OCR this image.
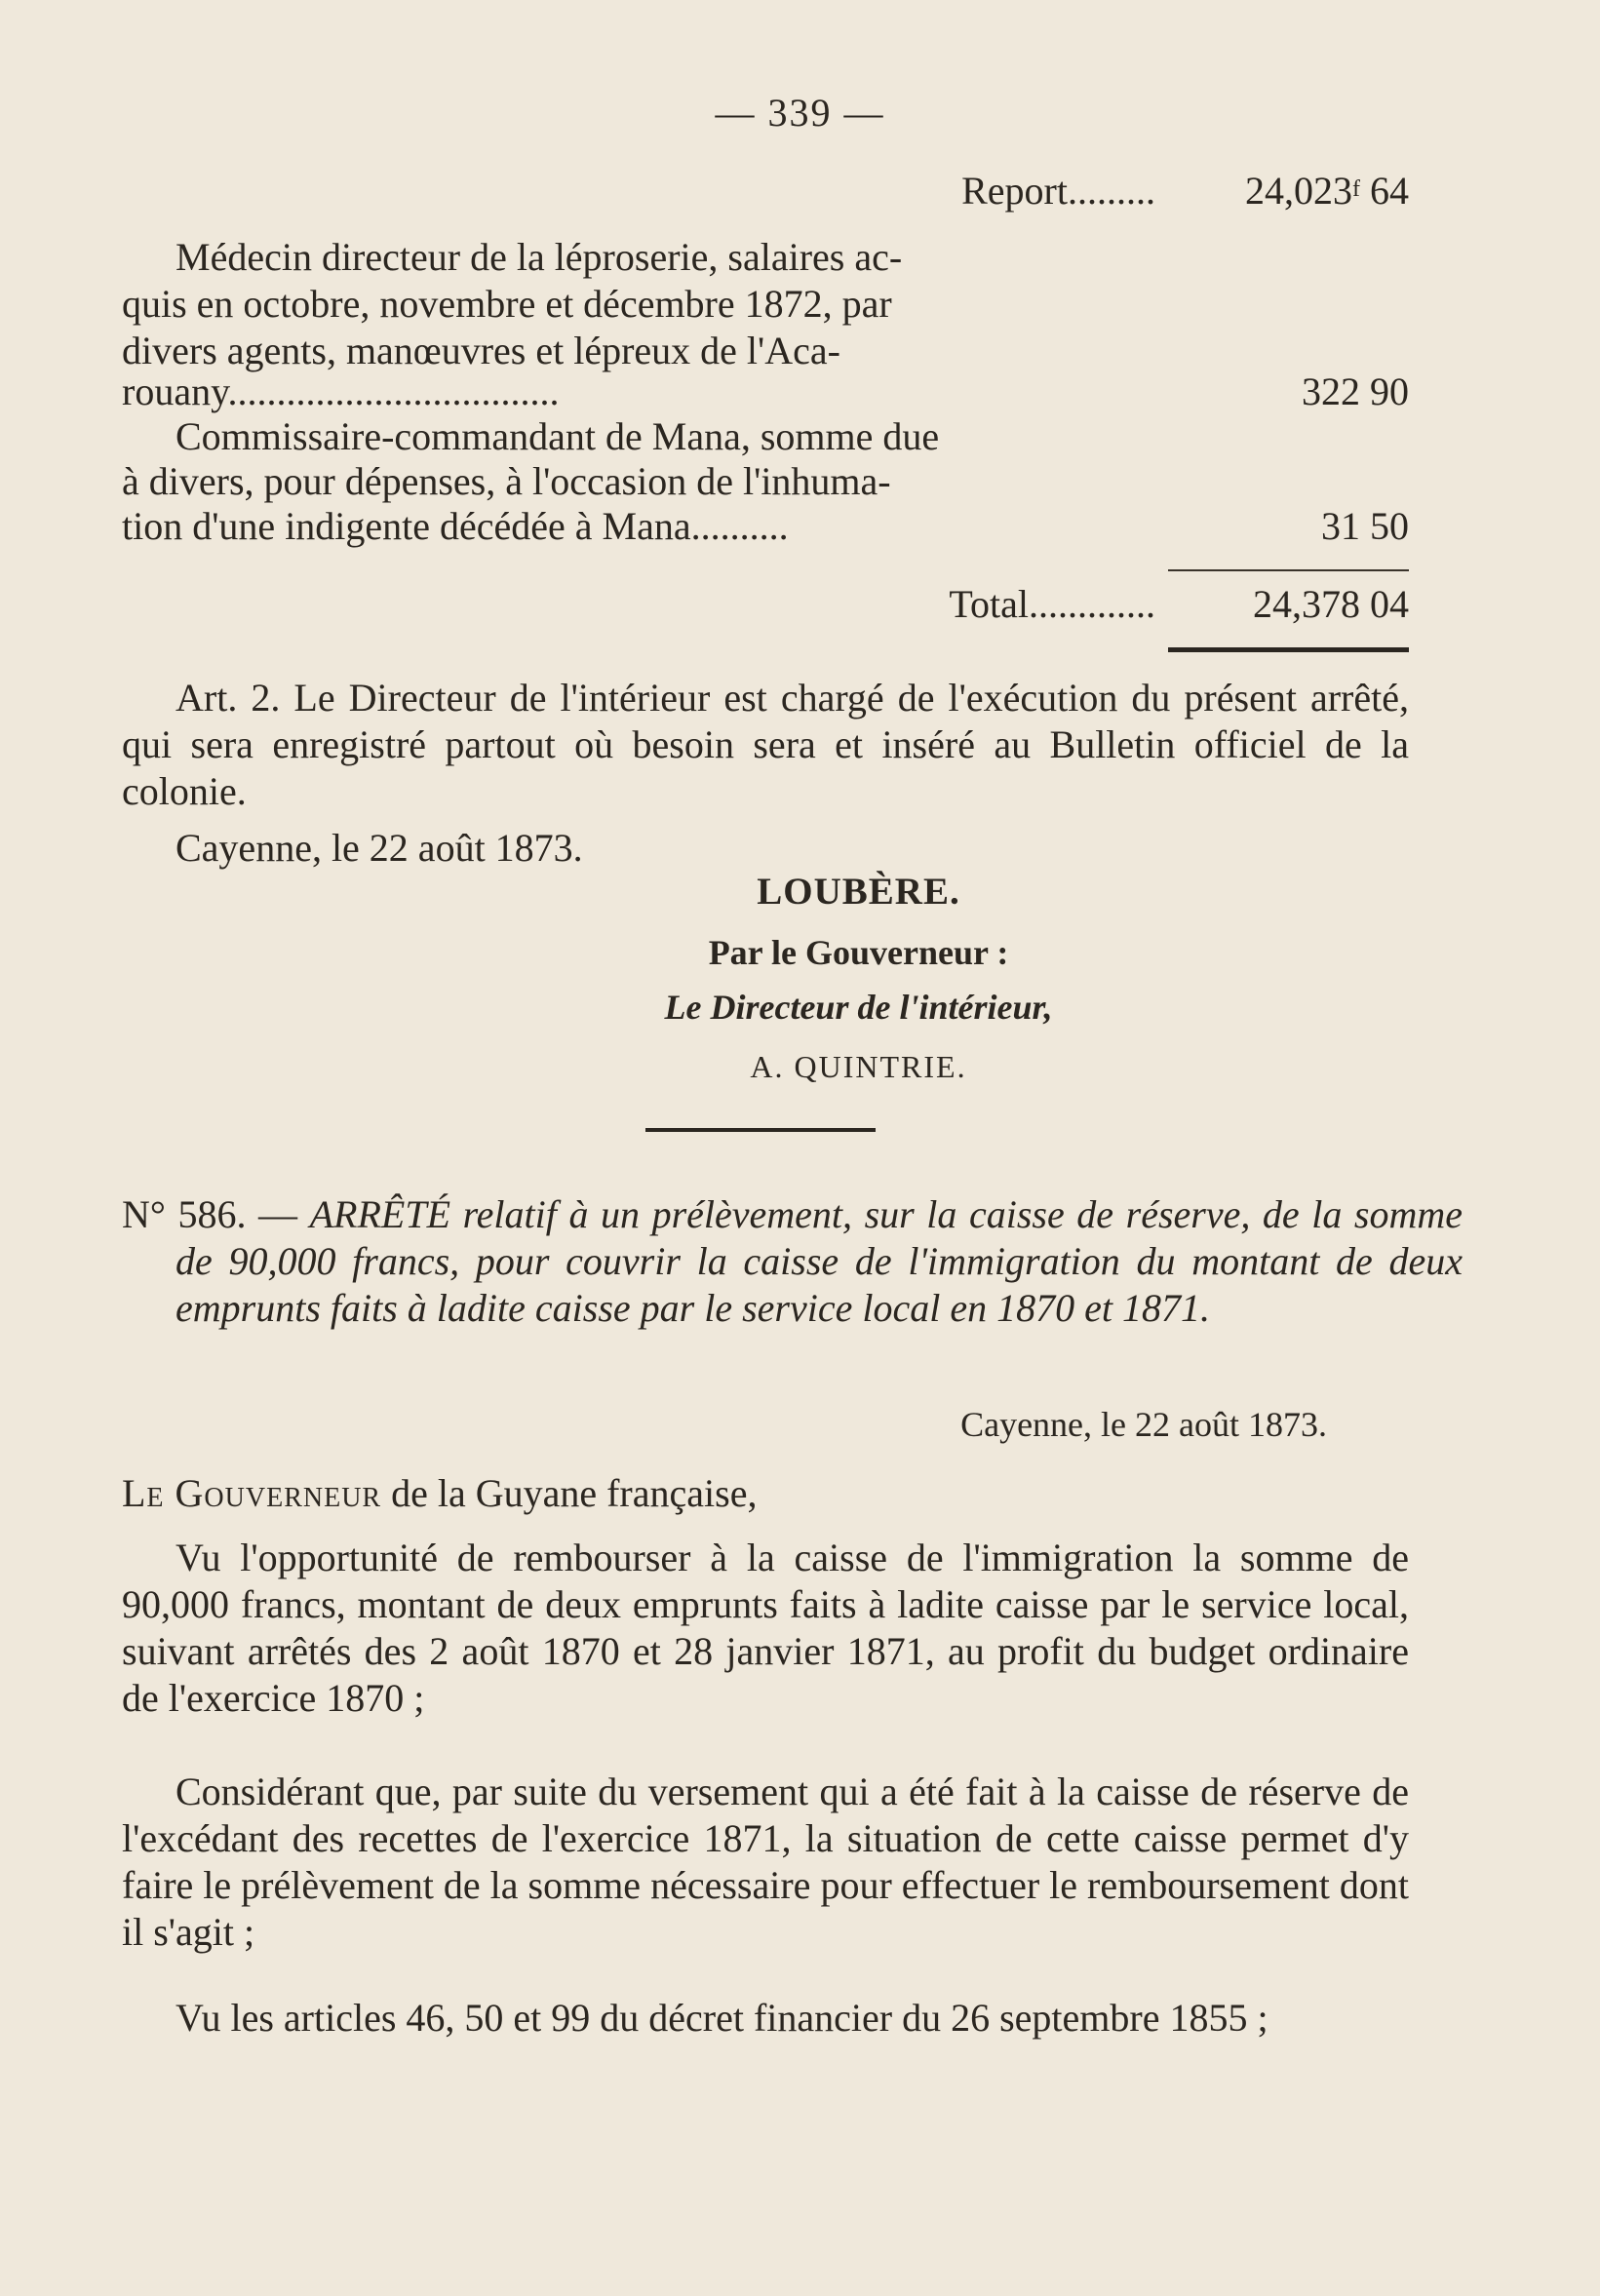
— 339 —
Report.........	24,023$^f$ 64
Médecin directeur de la léproserie, salaires ac-
quis en octobre, novembre et décembre 1872, par
divers agents, manœuvres et lépreux de l'Aca-
rouany..................................	322 90
Commissaire-commandant de Mana, somme due
à divers, pour dépenses, à l'occasion de l'inhuma-
tion d'une indigente décédée à Mana..........	31 50
Total.............	24,378 04
Art. 2. Le Directeur de l'intérieur est chargé de l'exécution du présent arrêté, qui sera enregistré partout où besoin sera et inséré au Bulletin officiel de la colonie.
Cayenne, le 22 août 1873.
LOUBÈRE.
Par le Gouverneur :
Le Directeur de l'intérieur,
A. QUINTRIE.
N° 586. — ARRÊTÉ relatif à un prélèvement, sur la caisse de réserve, de la somme de 90,000 francs, pour couvrir la caisse de l'immigration du montant de deux emprunts faits à ladite caisse par le service local en 1870 et 1871.
Cayenne, le 22 août 1873.
Le Gouverneur de la Guyane française,
Vu l'opportunité de rembourser à la caisse de l'immigration la somme de 90,000 francs, montant de deux emprunts faits à ladite caisse par le service local, suivant arrêtés des 2 août 1870 et 28 janvier 1871, au profit du budget ordinaire de l'exercice 1870 ;
Considérant que, par suite du versement qui a été fait à la caisse de réserve de l'excédant des recettes de l'exercice 1871, la situation de cette caisse permet d'y faire le prélèvement de la somme nécessaire pour effectuer le remboursement dont il s'agit ;
Vu les articles 46, 50 et 99 du décret financier du 26 septembre 1855 ;
